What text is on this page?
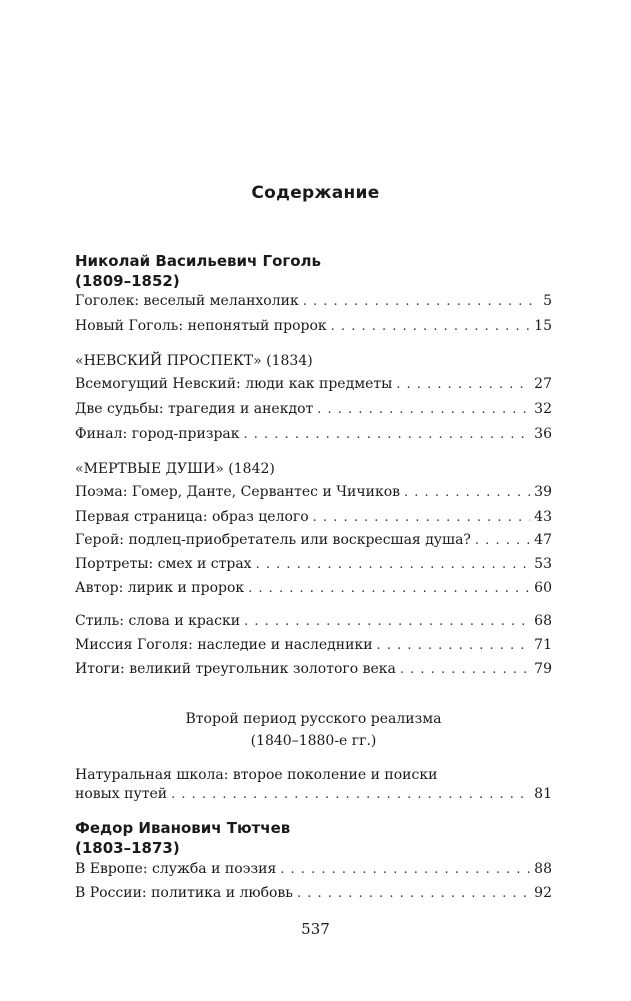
Содержание
Николай Васильевич Гоголь
(1809–1852)
Гоголек: веселый меланхолик . . .	5
Новый Гоголь: непонятый пророк . . .	15
«НЕВСКИЙ ПРОСПЕКТ» (1834)
Всемогущий Невский: люди как предметы . . .	27
Две судьбы: трагедия и анекдот . . .	32
Финал: город-призрак . . .	36
«МЕРТВЫЕ ДУШИ» (1842)
Поэма: Гомер, Данте, Сервантес и Чичиков . . .	39
Первая страница: образ целого . . .	43
Герой: подлец-приобретатель или воскресшая душа? . . .	47
Портреты: смех и страх . . .	53
Автор: лирик и пророк . . .	60
Стиль: слова и краски . . .	68
Миссия Гоголя: наследие и наследники . . .	71
Итоги: великий треугольник золотого века . . .	79
Второй период русского реализма
(1840–1880-е гг.)
Натуральная школа: второе поколение и поиски
новых путей . . .	81
Федор Иванович Тютчев
(1803–1873)
В Европе: служба и поэзия . . .	88
В России: политика и любовь . . .	92
537
